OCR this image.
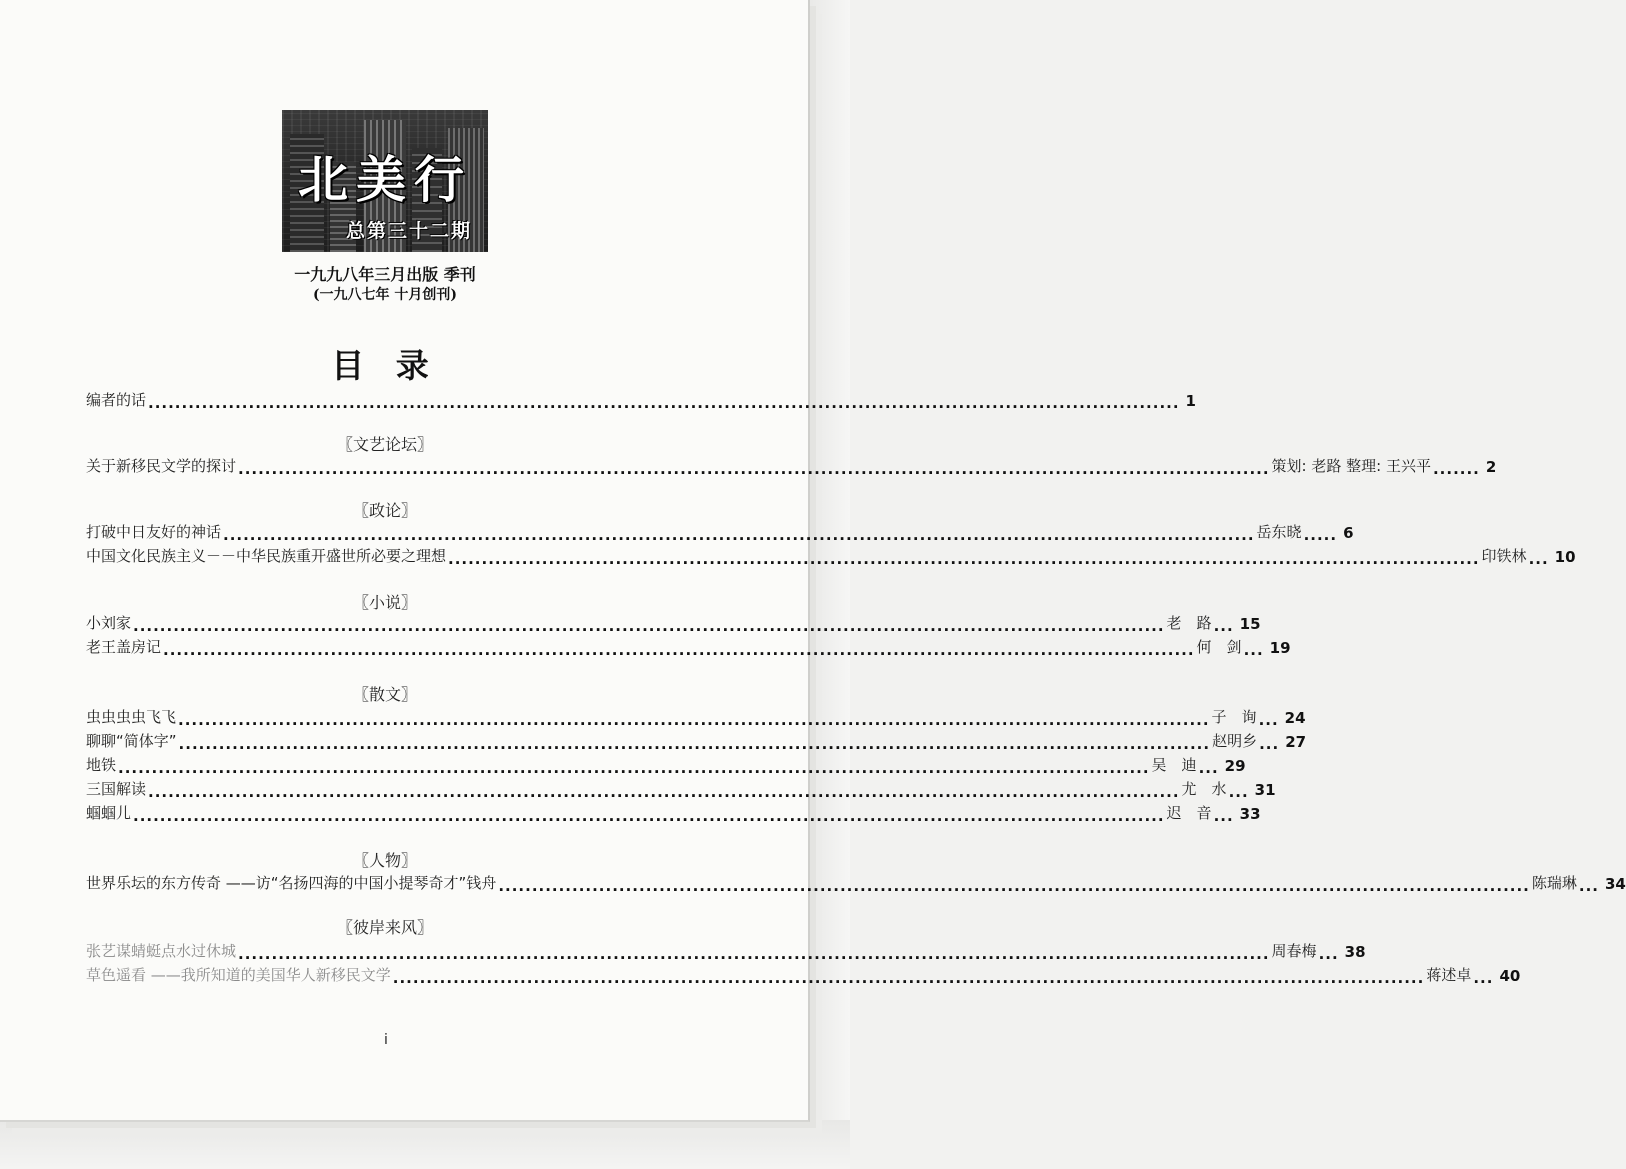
北美行
总第三十二期
一九九八年三月出版 季刊
(一九八七年 十月创刊)
目 录
编者的话 .......................................................................................................................................................... 1
〖文艺论坛〗
关于新移民文学的探讨 .......................................................................................................................................................... 策划: 老路 整理: 王兴平 ....... 2
〖政论〗
打破中日友好的神话 .......................................................................................................................................................... 岳东晓 ..... 6
中国文化民族主义－－中华民族重开盛世所必要之理想 .......................................................................................................................................................... 印铁林 ... 10
〖小说〗
小刘家 .......................................................................................................................................................... 老　路 ... 15
老王盖房记 .......................................................................................................................................................... 何　剑 ... 19
〖散文〗
虫虫虫虫飞飞 .......................................................................................................................................................... 子　询 ... 24
聊聊“简体字” .......................................................................................................................................................... 赵明乡 ... 27
地铁 .......................................................................................................................................................... 吴　迪 ... 29
三国解读 .......................................................................................................................................................... 尤　水 ... 31
蝈蝈儿 .......................................................................................................................................................... 迟　音 ... 33
〖人物〗
世界乐坛的东方传奇 ——访“名扬四海的中国小提琴奇才”钱舟 .......................................................................................................................................................... 陈瑞琳 ... 34
〖彼岸来风〗
张艺谋蜻蜓点水过休城 .......................................................................................................................................................... 周春梅 ... 38
草色遥看 ——我所知道的美国华人新移民文学 .......................................................................................................................................................... 蒋述卓 ... 40
i
